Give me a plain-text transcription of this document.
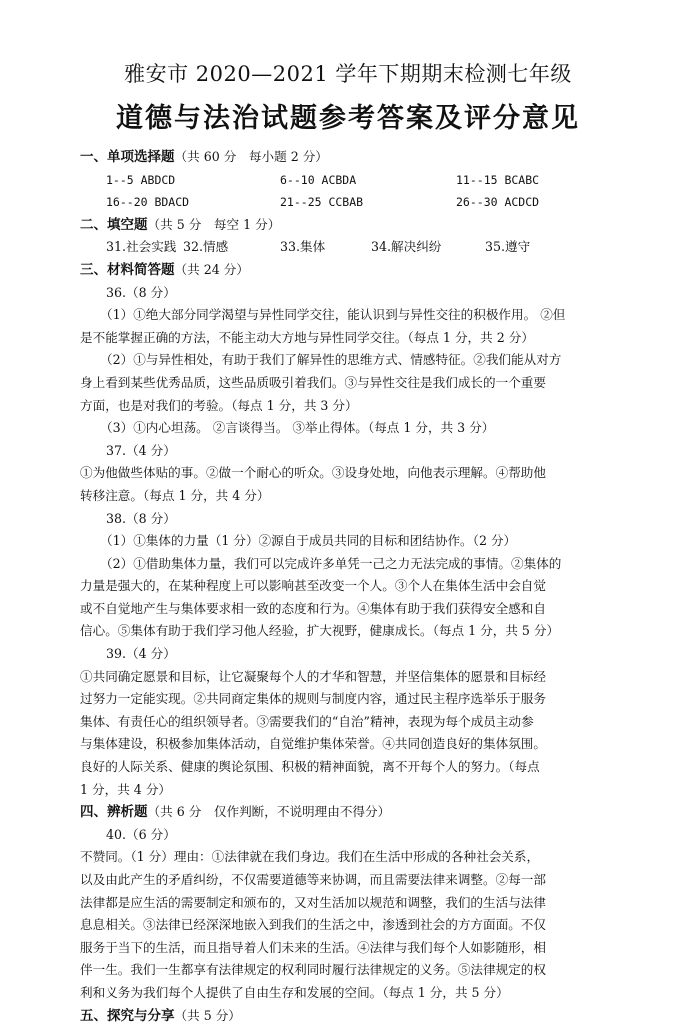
雅安市 2020—2021 学年下期期末检测七年级
道德与法治试题参考答案及评分意见
一、单项选择题（共 60 分　每小题 2 分）
1--5 ABDCD	6--10 ACBDA	11--15 BCABC
16--20 BDACD	21--25 CCBAB	26--30 ACDCD
二、填空题（共 5 分　每空 1 分）
31.社会实践 32.情感	33.集体	34.解决纠纷	35.遵守
三、材料简答题（共 24 分）
36.（8 分）
（1）①绝大部分同学渴望与异性同学交往，能认识到与异性交往的积极作用。 ②但
是不能掌握正确的方法，不能主动大方地与异性同学交往。（每点 1 分，共 2 分）
（2）①与异性相处，有助于我们了解异性的思维方式、情感特征。②我们能从对方
身上看到某些优秀品质，这些品质吸引着我们。③与异性交往是我们成长的一个重要
方面，也是对我们的考验。（每点 1 分，共 3 分）
（3）①内心坦荡。 ②言谈得当。 ③举止得体。（每点 1 分，共 3 分）
37.（4 分）
①为他做些体贴的事。②做一个耐心的听众。③设身处地，向他表示理解。④帮助他
转移注意。（每点 1 分，共 4 分）
38.（8 分）
（1）①集体的力量（1 分）②源自于成员共同的目标和团结协作。（2 分）
（2）①借助集体力量，我们可以完成许多单凭一己之力无法完成的事情。②集体的
力量是强大的，在某种程度上可以影响甚至改变一个人。③个人在集体生活中会自觉
或不自觉地产生与集体要求相一致的态度和行为。④集体有助于我们获得安全感和自
信心。⑤集体有助于我们学习他人经验，扩大视野，健康成长。（每点 1 分，共 5 分）
39.（4 分）
①共同确定愿景和目标，让它凝聚每个人的才华和智慧，并坚信集体的愿景和目标经
过努力一定能实现。②共同商定集体的规则与制度内容，通过民主程序选举乐于服务
集体、有责任心的组织领导者。③需要我们的“自治”精神，表现为每个成员主动参
与集体建设，积极参加集体活动，自觉维护集体荣誉。④共同创造良好的集体氛围。
良好的人际关系、健康的舆论氛围、积极的精神面貌，离不开每个人的努力。（每点
1 分，共 4 分）
四、辨析题（共 6 分　仅作判断，不说明理由不得分）
40.（6 分）
不赞同。（1 分）理由：①法律就在我们身边。我们在生活中形成的各种社会关系，
以及由此产生的矛盾纠纷，不仅需要道德等来协调，而且需要法律来调整。②每一部
法律都是应生活的需要制定和颁布的，又对生活加以规范和调整，我们的生活与法律
息息相关。③法律已经深深地嵌入到我们的生活之中，渗透到社会的方方面面。不仅
服务于当下的生活，而且指导着人们未来的生活。④法律与我们每个人如影随形，相
伴一生。我们一生都享有法律规定的权利同时履行法律规定的义务。⑤法律规定的权
利和义务为我们每个人提供了自由生存和发展的空间。（每点 1 分，共 5 分）
五、探究与分享（共 5 分）
